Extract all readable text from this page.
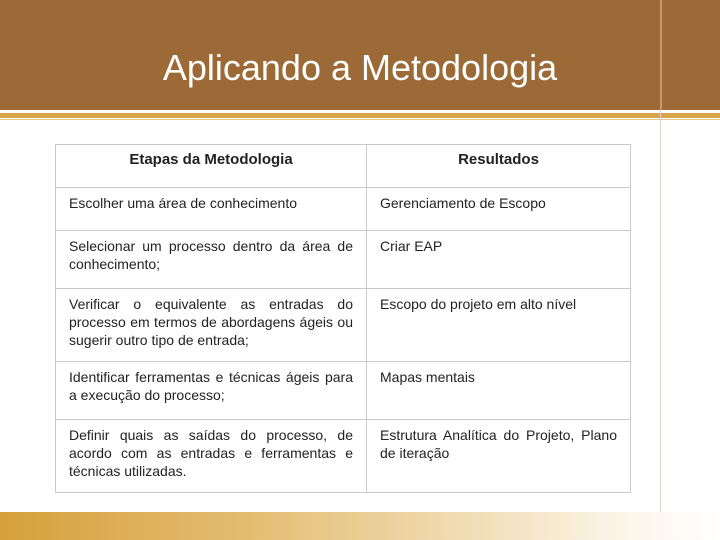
Aplicando a Metodologia
Etapas da Metodologia	Resultados
Escolher uma área de conhecimento	Gerenciamento de Escopo
Selecionar um processo dentro da área de conhecimento;	Criar EAP
Verificar o equivalente as entradas do processo em termos de abordagens ágeis ou sugerir outro tipo de entrada;	Escopo do projeto em alto nível
Identificar ferramentas e técnicas ágeis para a execução do processo;	Mapas mentais
Definir quais as saídas do processo, de acordo com as entradas e ferramentas e técnicas utilizadas.	Estrutura Analítica do Projeto, Plano de iteração
